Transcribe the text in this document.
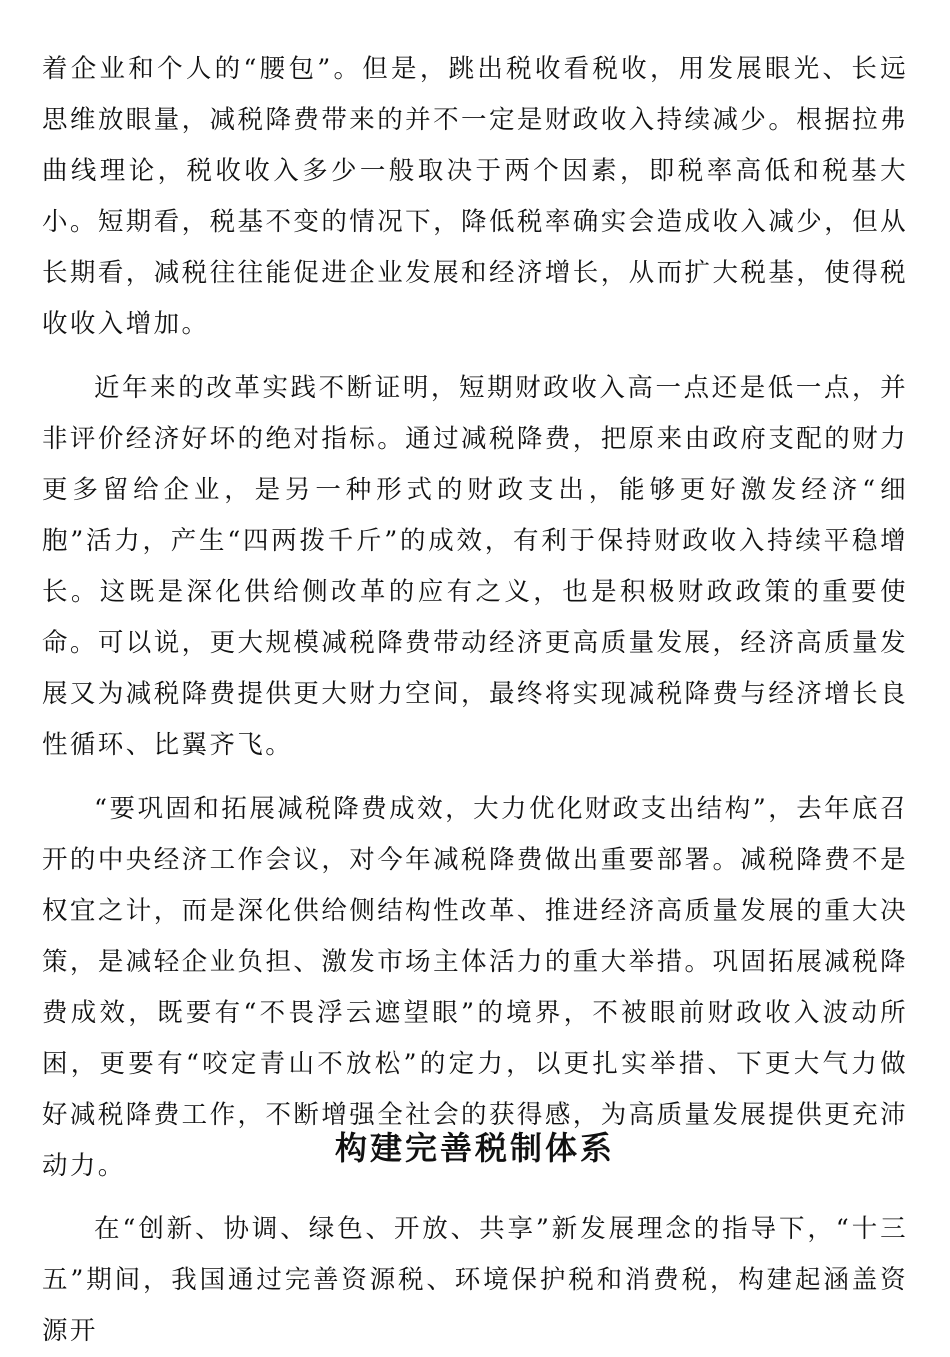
着企业和个人的“腰包”。但是，跳出税收看税收，用发展眼光、长远思维放眼量，减税降费带来的并不一定是财政收入持续减少。根据拉弗曲线理论，税收收入多少一般取决于两个因素，即税率高低和税基大小。短期看，税基不变的情况下，降低税率确实会造成收入减少，但从长期看，减税往往能促进企业发展和经济增长，从而扩大税基，使得税收收入增加。

近年来的改革实践不断证明，短期财政收入高一点还是低一点，并非评价经济好坏的绝对指标。通过减税降费，把原来由政府支配的财力更多留给企业，是另一种形式的财政支出，能够更好激发经济“细胞”活力，产生“四两拨千斤”的成效，有利于保持财政收入持续平稳增长。这既是深化供给侧改革的应有之义，也是积极财政政策的重要使命。可以说，更大规模减税降费带动经济更高质量发展，经济高质量发展又为减税降费提供更大财力空间，最终将实现减税降费与经济增长良性循环、比翼齐飞。

“要巩固和拓展减税降费成效，大力优化财政支出结构”，去年底召开的中央经济工作会议，对今年减税降费做出重要部署。减税降费不是权宜之计，而是深化供给侧结构性改革、推进经济高质量发展的重大决策，是减轻企业负担、激发市场主体活力的重大举措。巩固拓展减税降费成效，既要有“不畏浮云遮望眼”的境界，不被眼前财政收入波动所困，更要有“咬定青山不放松”的定力，以更扎实举措、下更大气力做好减税降费工作，不断增强全社会的获得感，为高质量发展提供更充沛动力。	构建完善税制体系

在“创新、协调、绿色、开放、共享”新发展理念的指导下，“十三五”期间，我国通过完善资源税、环境保护税和消费税，构建起涵盖资源开
